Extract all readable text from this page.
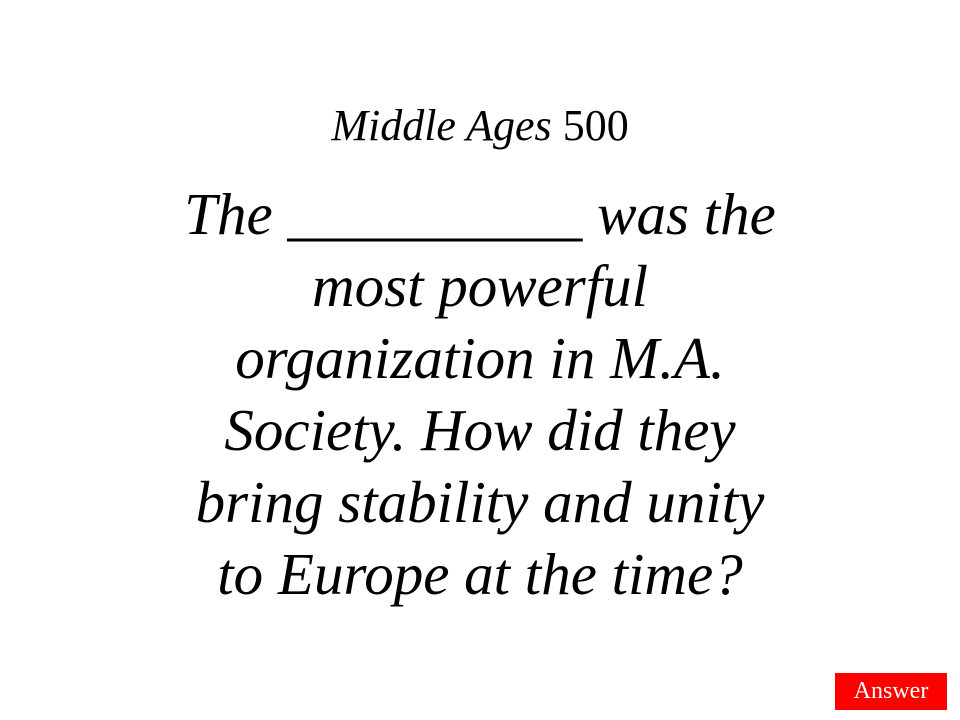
Middle Ages 500
The __________ was the
most powerful
organization in M.A.
Society. How did they
bring stability and unity
to Europe at the time?
Answer
